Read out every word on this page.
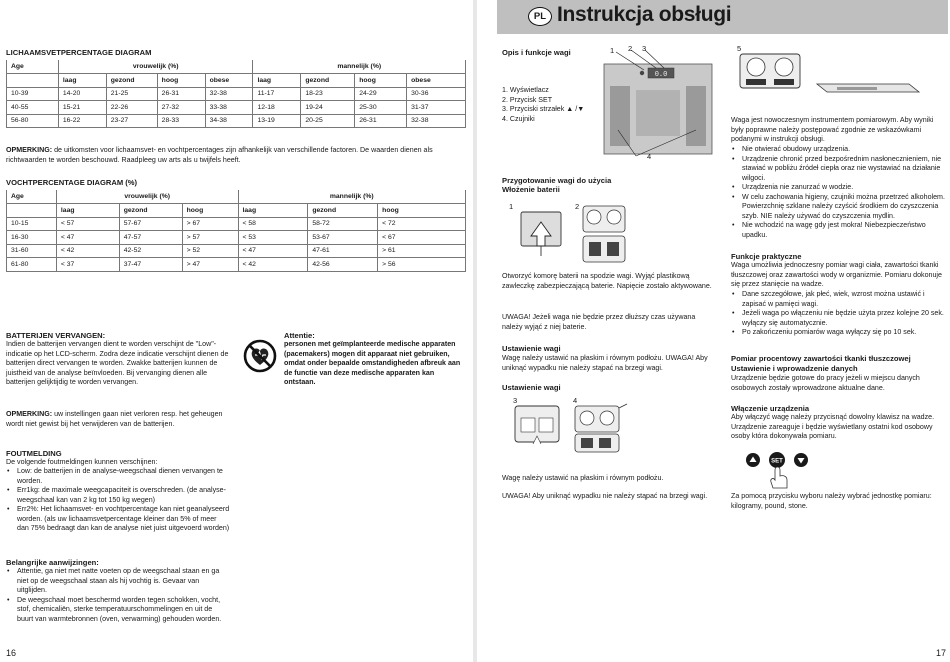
LICHAAMSVETPERCENTAGE DIAGRAM
Age	vrouwelijk (%)				mannelijk (%)			
	laag	gezond	hoog	obese	laag	gezond	hoog	obese
10-39	14-20	21-25	26-31	32-38	11-17	18-23	24-29	30-36
40-55	15-21	22-26	27-32	33-38	12-18	19-24	25-30	31-37
56-80	16-22	23-27	28-33	34-38	13-19	20-25	26-31	32-38
OPMERKING: de uitkomsten voor lichaamsvet- en vochtpercentages zijn afhankelijk van verschillende factoren. De waarden dienen als richtwaarden te worden beschouwd. Raadpleeg uw arts als u twijfels heeft.
VOCHTPERCENTAGE DIAGRAM (%)
Age	vrouwelijk (%)			mannelijk (%)		
	laag	gezond	hoog	laag	gezond	hoog
10-15	< 57	57-67	> 67	< 58	58-72	< 72
16-30	< 47	47-57	> 57	< 53	53-67	< 67
31-60	< 42	42-52	> 52	< 47	47-61	> 61
61-80	< 37	37-47	> 47	< 42	42-56	> 56
BATTERIJEN VERVANGEN:
Indien de batterijen vervangen dient te worden verschijnt de "Low"-indicatie op het LCD-scherm. Zodra deze indicatie verschijnt dienen de batterijen direct vervangen te worden. Zwakke batterijen kunnen de juistheid van de analyse beïnvloeden. Bij vervanging dienen alle batterijen gelijktijdig te worden vervangen.
Attentie:
personen met geïmplanteerde medische apparaten (pacemakers) mogen dit apparaat niet gebruiken, omdat onder bepaalde omstandigheden afbreuk aan de functie van deze medische apparaten kan ontstaan.
OPMERKING: uw instellingen gaan niet verloren resp. het geheugen wordt niet gewist bij het verwijderen van de batterijen.
FOUTMELDING
De volgende foutmeldingen kunnen verschijnen:
• Low: de batterijen in de analyse-weegschaal dienen vervangen te worden.
• Err1kg: de maximale weegcapaciteit is overschreden. (de analyse-weegschaal kan van 2 kg tot 150 kg wegen)
• Err2%: Het lichaamsvet- en vochtpercentage kan niet geanalyseerd worden. (als uw lichaamsvetpercentage kleiner dan 5% of meer dan 75% bedraagt dan kan de analyse niet juist uitgevoerd worden)
Belangrijke aanwijzingen:
• Attentie, ga niet met natte voeten op de weegschaal staan en ga niet op de weegschaal staan als hij vochtig is. Gevaar van uitglijden.
• De weegschaal moet beschermd worden tegen schokken, vocht, stof, chemicaliën, sterke temperatuurschommelingen en uit de buurt van warmtebronnen (oven, verwarming) gehouden worden.
16
PL Instrukcja obsługi
Opis i funkcje wagi
1. Wyświetlacz
2. Przycisk SET
3. Przyciski strzałek ▲ /▼
4. Czujniki
0.0
1 2 3
4
5
Waga jest nowoczesnym instrumentem pomiarowym. Aby wyniki były poprawne należy postępować zgodnie ze wskazówkami podanymi w instrukcji obsługi.
• Nie otwierać obudowy urządzenia.
• Urządzenie chronić przed bezpośrednim nasłonecznieniem, nie stawiać w pobliżu źródeł ciepła oraz nie wystawiać na działanie wilgoci.
• Urządzenia nie zanurzać w wodzie.
• W celu zachowania higieny, czujniki można przetrzeć alkoholem. Powierzchnię szklane należy czyścić środkiem do czyszczenia szyb. NIE należy używać do czyszczenia mydlin.
• Nie wchodzić na wagę gdy jest mokra! Niebezpieczeństwo upadku.
Przygotowanie wagi do użycia
Włożenie baterii
1	2
Otworzyć komorę baterii na spodzie wagi. Wyjąć plastikową zawleczkę zabezpieczającą baterie. Napięcie zostało aktywowane.
UWAGA! Jeżeli waga nie będzie przez dłuższy czas używana należy wyjąć z niej baterie.
Ustawienie wagi
Wagę należy ustawić na płaskim i równym podłożu. UWAGA! Aby uniknąć wypadku nie należy stąpać na brzegi wagi.
Ustawienie wagi
3	4
Wagę należy ustawić na płaskim i równym podłożu.
UWAGA! Aby uniknąć wypadku nie należy stąpać na brzegi wagi.
Funkcje praktyczne
Waga umożliwia jednoczesny pomiar wagi ciała, zawartości tkanki tłuszczowej oraz zawartości wody w organizmie. Pomiaru dokonuje się przez stanięcie na wadze.
• Dane szczegółowe, jak płeć, wiek, wzrost można ustawić i zapisać w pamięci wagi.
• Jeżeli waga po włączeniu nie będzie użyta przez kolejne 20 sek. wyłączy się automatycznie.
• Po zakończeniu pomiarów waga wyłączy się po 10 sek.
Pomiar procentowy zawartości tkanki tłuszczowej
Ustawienie i wprowadzenie danych
Urządzenie będzie gotowe do pracy jeżeli w miejscu danych osobowych zostały wprowadzone aktualne dane.
Włączenie urządzenia
Aby włączyć wagę należy przycisnąć dowolny klawisz na wadze. Urządzenie zareaguje i będzie wyświetlany ostatni kod osobowy osoby która dokonywała pomiaru.
SET
Za pomocą przycisku wyboru należy wybrać jednostkę pomiaru: kilogramy, pound, stone.
17
